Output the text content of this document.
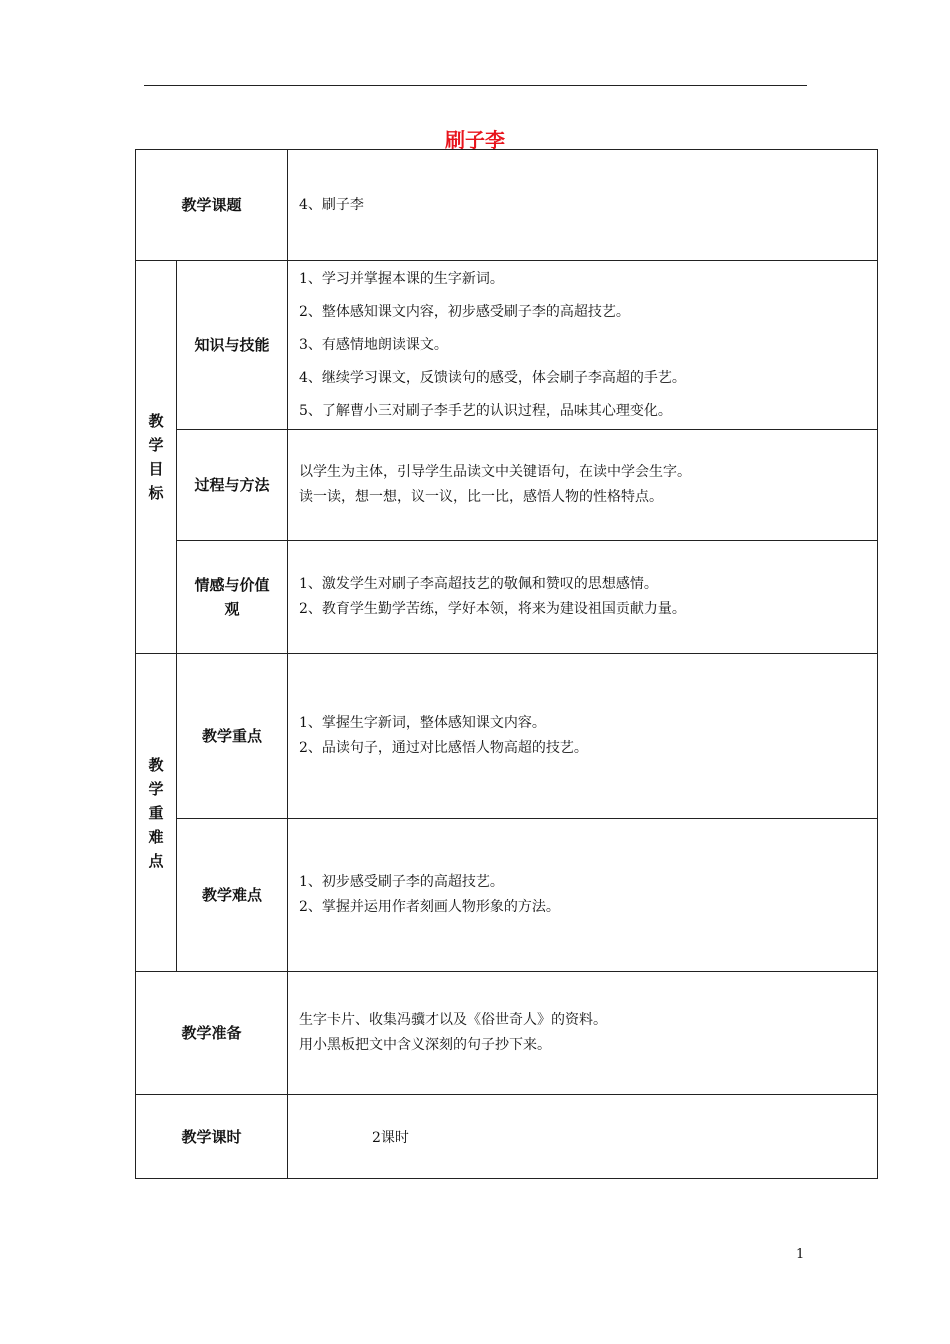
刷子李
教学课题		4、刷子李

教
学
目
标	知识与技能	1、学习并掌握本课的生字新词。
2、整体感知课文内容，初步感受刷子李的高超技艺。
3、有感情地朗读课文。
4、继续学习课文，反馈读句的感受，体会刷子李高超的手艺。
5、了解曹小三对刷子李手艺的认识过程，品味其心理变化。

	过程与方法	以学生为主体，引导学生品读文中关键语句，在读中学会生字。
读一读，想一想，议一议，比一比，感悟人物的性格特点。

	情感与价值
观	1、激发学生对刷子李高超技艺的敬佩和赞叹的思想感情。
2、教育学生勤学苦练，学好本领，将来为建设祖国贡献力量。

教
学
重
难
点	教学重点	1、掌握生字新词，整体感知课文内容。
2、品读句子，通过对比感悟人物高超的技艺。

	教学难点	1、初步感受刷子李的高超技艺。
2、掌握并运用作者刻画人物形象的方法。

教学准备		生字卡片、收集冯骥才以及《俗世奇人》的资料。
用小黑板把文中含义深刻的句子抄下来。

教学课时		2课时
1
